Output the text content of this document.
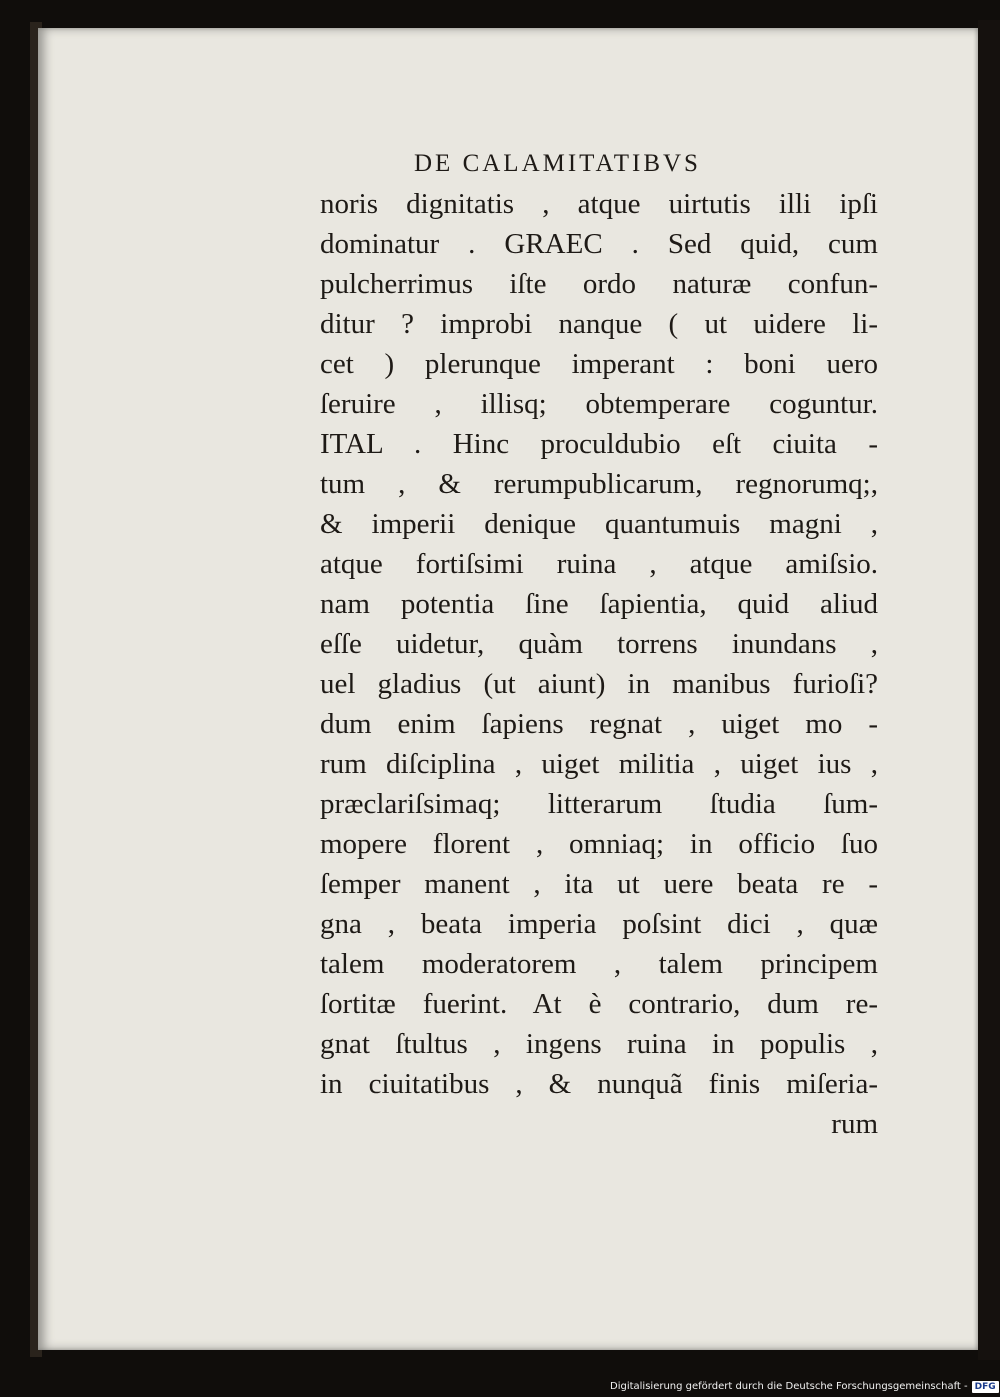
DE CALAMITATIBVS
noris dignitatis , atque uirtutis illi ipſi
dominatur . GRAEC . Sed quid, cum
pulcherrimus iſte ordo naturæ confun-
ditur ? improbi nanque ( ut uidere li-
cet ) plerunque imperant : boni uero
ſeruire , illisq; obtemperare coguntur.
ITAL . Hinc proculdubio eſt ciuita -
tum , & rerumpublicarum, regnorumq;,
& imperii denique quantumuis magni ,
atque fortiſsimi ruina , atque amiſsio.
nam potentia ſine ſapientia, quid aliud
eſſe uidetur, quàm torrens inundans ,
uel gladius (ut aiunt) in manibus furioſi?
dum enim ſapiens regnat , uiget mo -
rum diſciplina , uiget militia , uiget ius ,
præclariſsimaq; litterarum ſtudia ſum-
mopere florent , omniaq; in officio ſuo
ſemper manent , ita ut uere beata re -
gna , beata imperia poſsint dici , quæ
talem moderatorem , talem principem
ſortitæ fuerint. At è contrario, dum re-
gnat ſtultus , ingens ruina in populis ,
in ciuitatibus , & nunquã finis miſeria-
rum
Digitalisierung gefördert durch die Deutsche Forschungsgemeinschaft - DFG
